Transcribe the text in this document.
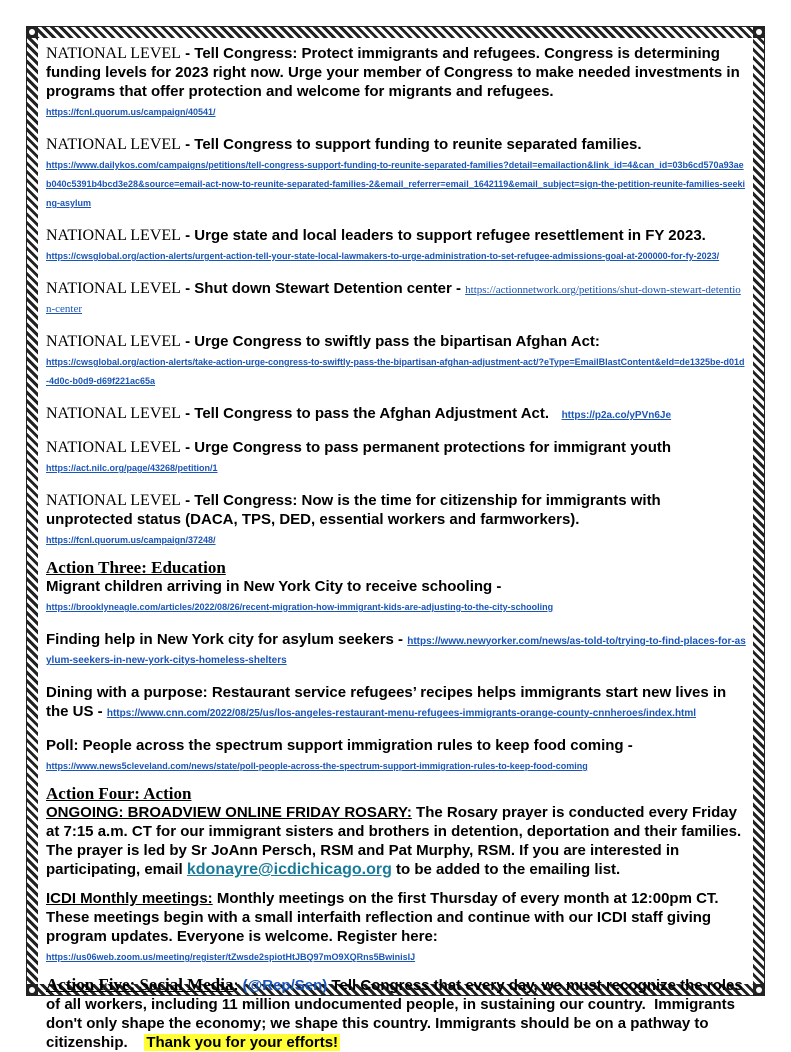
NATIONAL LEVEL - Tell Congress: Protect immigrants and refugees. Congress is determining funding levels for 2023 right now. Urge your member of Congress to make needed investments in programs that offer protection and welcome for migrants and refugees.
https://fcnl.quorum.us/campaign/40541/
NATIONAL LEVEL - Tell Congress to support funding to reunite separated families.
https://www.dailykos.com/campaigns/petitions/tell-congress-support-funding-to-reunite-separated-families?detail=emailaction&link_id=4&can_id=03b6cd570a93aeb040c5391b4bcd3e28&source=email-act-now-to-reunite-separated-families-2&email_referrer=email_1642119&email_subject=sign-the-petition-reunite-families-seeking-asylum
NATIONAL LEVEL - Urge state and local leaders to support refugee resettlement in FY 2023.
https://cwsglobal.org/action-alerts/urgent-action-tell-your-state-local-lawmakers-to-urge-administration-to-set-refugee-admissions-goal-at-200000-for-fy-2023/
NATIONAL LEVEL - Shut down Stewart Detention center - https://actionnetwork.org/petitions/shut-down-stewart-detention-center
NATIONAL LEVEL - Urge Congress to swiftly pass the bipartisan Afghan Act:
https://cwsglobal.org/action-alerts/take-action-urge-congress-to-swiftly-pass-the-bipartisan-afghan-adjustment-act/?eType=EmailBlastContent&eId=de1325be-d01d-4d0c-b0d9-d69f221ac65a
NATIONAL LEVEL - Tell Congress to pass the Afghan Adjustment Act. https://p2a.co/yPVn6Je
NATIONAL LEVEL - Urge Congress to pass permanent protections for immigrant youth
https://act.nilc.org/page/43268/petition/1
NATIONAL LEVEL - Tell Congress: Now is the time for citizenship for immigrants with unprotected status (DACA, TPS, DED, essential workers and farmworkers).
https://fcnl.quorum.us/campaign/37248/
Action Three: Education
Migrant children arriving in New York City to receive schooling -
https://brooklyneagle.com/articles/2022/08/26/recent-migration-how-immigrant-kids-are-adjusting-to-the-city-schooling
Finding help in New York city for asylum seekers - https://www.newyorker.com/news/as-told-to/trying-to-find-places-for-asylum-seekers-in-new-york-citys-homeless-shelters
Dining with a purpose: Restaurant service refugees’ recipes helps immigrants start new lives in the US - https://www.cnn.com/2022/08/25/us/los-angeles-restaurant-menu-refugees-immigrants-orange-county-cnnheroes/index.html
Poll: People across the spectrum support immigration rules to keep food coming -
https://www.news5cleveland.com/news/state/poll-people-across-the-spectrum-support-immigration-rules-to-keep-food-coming
Action Four: Action
ONGOING: BROADVIEW ONLINE FRIDAY ROSARY: The Rosary prayer is conducted every Friday at 7:15 a.m. CT for our immigrant sisters and brothers in detention, deportation and their families. The prayer is led by Sr JoAnn Persch, RSM and Pat Murphy, RSM. If you are interested in participating, email kdonayre@icdichicago.org to be added to the emailing list.
ICDI Monthly meetings: Monthly meetings on the first Thursday of every month at 12:00pm CT. These meetings begin with a small interfaith reflection and continue with our ICDI staff giving program updates. Everyone is welcome. Register here:
https://us06web.zoom.us/meeting/register/tZwsde2spiotHtJBQ97mO9XQRns5BwinisIJ
Action Five: Social Media: (@Rep/Sen) Tell Congress that every day, we must recognize the roles of all workers, including 11 million undocumented people, in sustaining our country.  Immigrants don't only shape the economy; we shape this country. Immigrants should be on a pathway to citizenship.    Thank you for your efforts!
